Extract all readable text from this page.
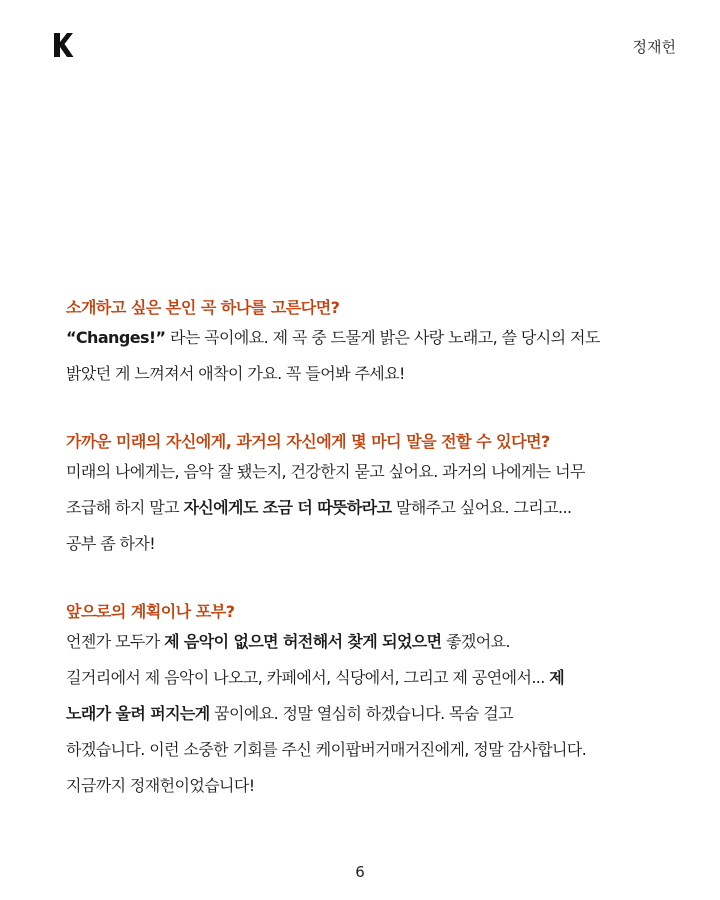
정재헌

소개하고 싶은 본인 곡 하나를 고른다면?

“Changes!” 라는 곡이에요. 제 곡 중 드물게 밝은 사랑 노래고, 쓸 당시의 저도
밝았던 게 느껴져서 애착이 가요. 꼭 들어봐 주세요!

가까운 미래의 자신에게, 과거의 자신에게 몇 마디 말을 전할 수 있다면?

미래의 나에게는, 음악 잘 됐는지, 건강한지 묻고 싶어요. 과거의 나에게는 너무
조급해 하지 말고 자신에게도 조금 더 따뜻하라고 말해주고 싶어요. 그리고...
공부 좀 하자!

앞으로의 계획이나 포부?

언젠가 모두가 제 음악이 없으면 허전해서 찾게 되었으면 좋겠어요.
길거리에서 제 음악이 나오고, 카페에서, 식당에서, 그리고 제 공연에서... 제
노래가 울려 퍼지는게 꿈이에요. 정말 열심히 하겠습니다. 목숨 걸고
하겠습니다. 이런 소중한 기회를 주신 케이팝버거매거진에게, 정말 감사합니다.
지금까지 정재헌이었습니다!

6
